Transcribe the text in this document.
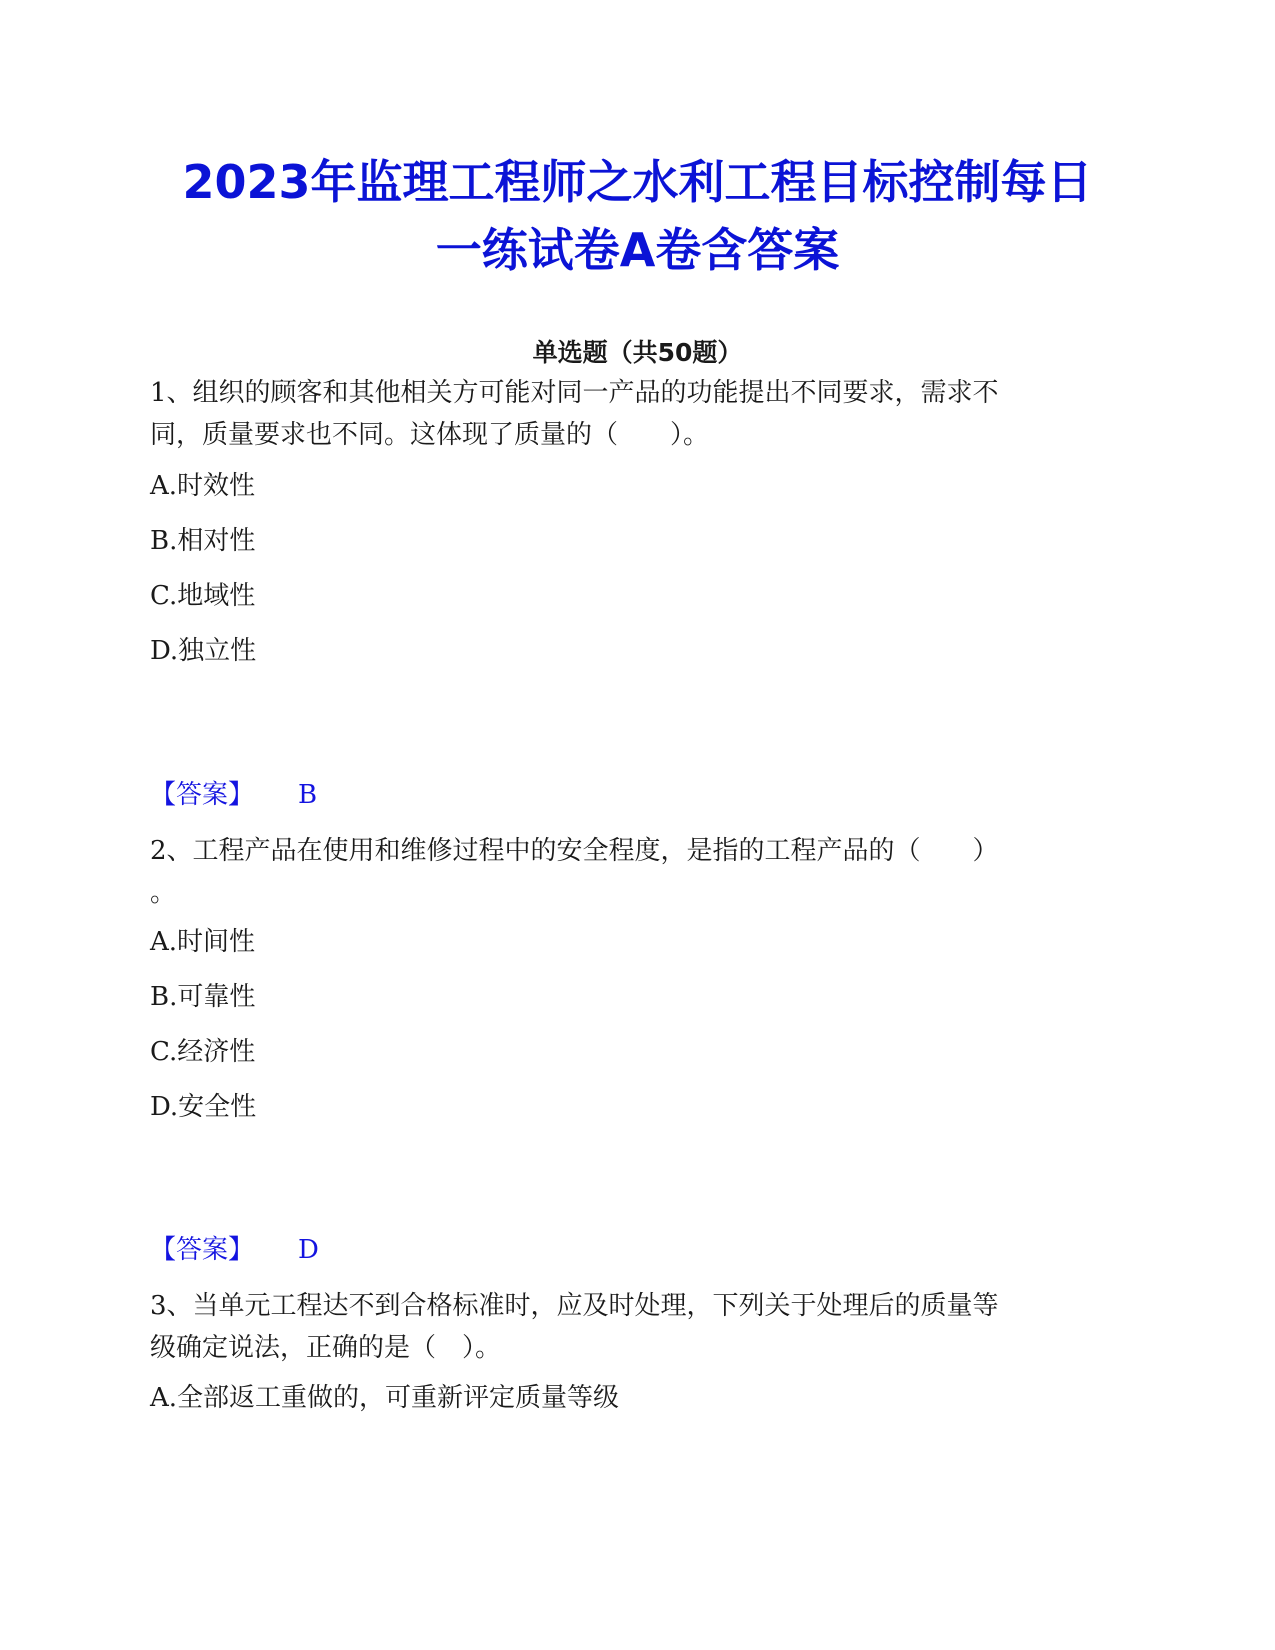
2023年监理工程师之水利工程目标控制每日
一练试卷A卷含答案
单选题（共50题）

1、组织的顾客和其他相关方可能对同一产品的功能提出不同要求，需求不
同，质量要求也不同。这体现了质量的（　　）。

A.时效性

B.相对性

C.地域性

D.独立性

【答案】 B

2、工程产品在使用和维修过程中的安全程度，是指的工程产品的（　　）
。

A.时间性

B.可靠性

C.经济性

D.安全性

【答案】 D

3、当单元工程达不到合格标准时，应及时处理，下列关于处理后的质量等
级确定说法，正确的是（　）。

A.全部返工重做的，可重新评定质量等级
